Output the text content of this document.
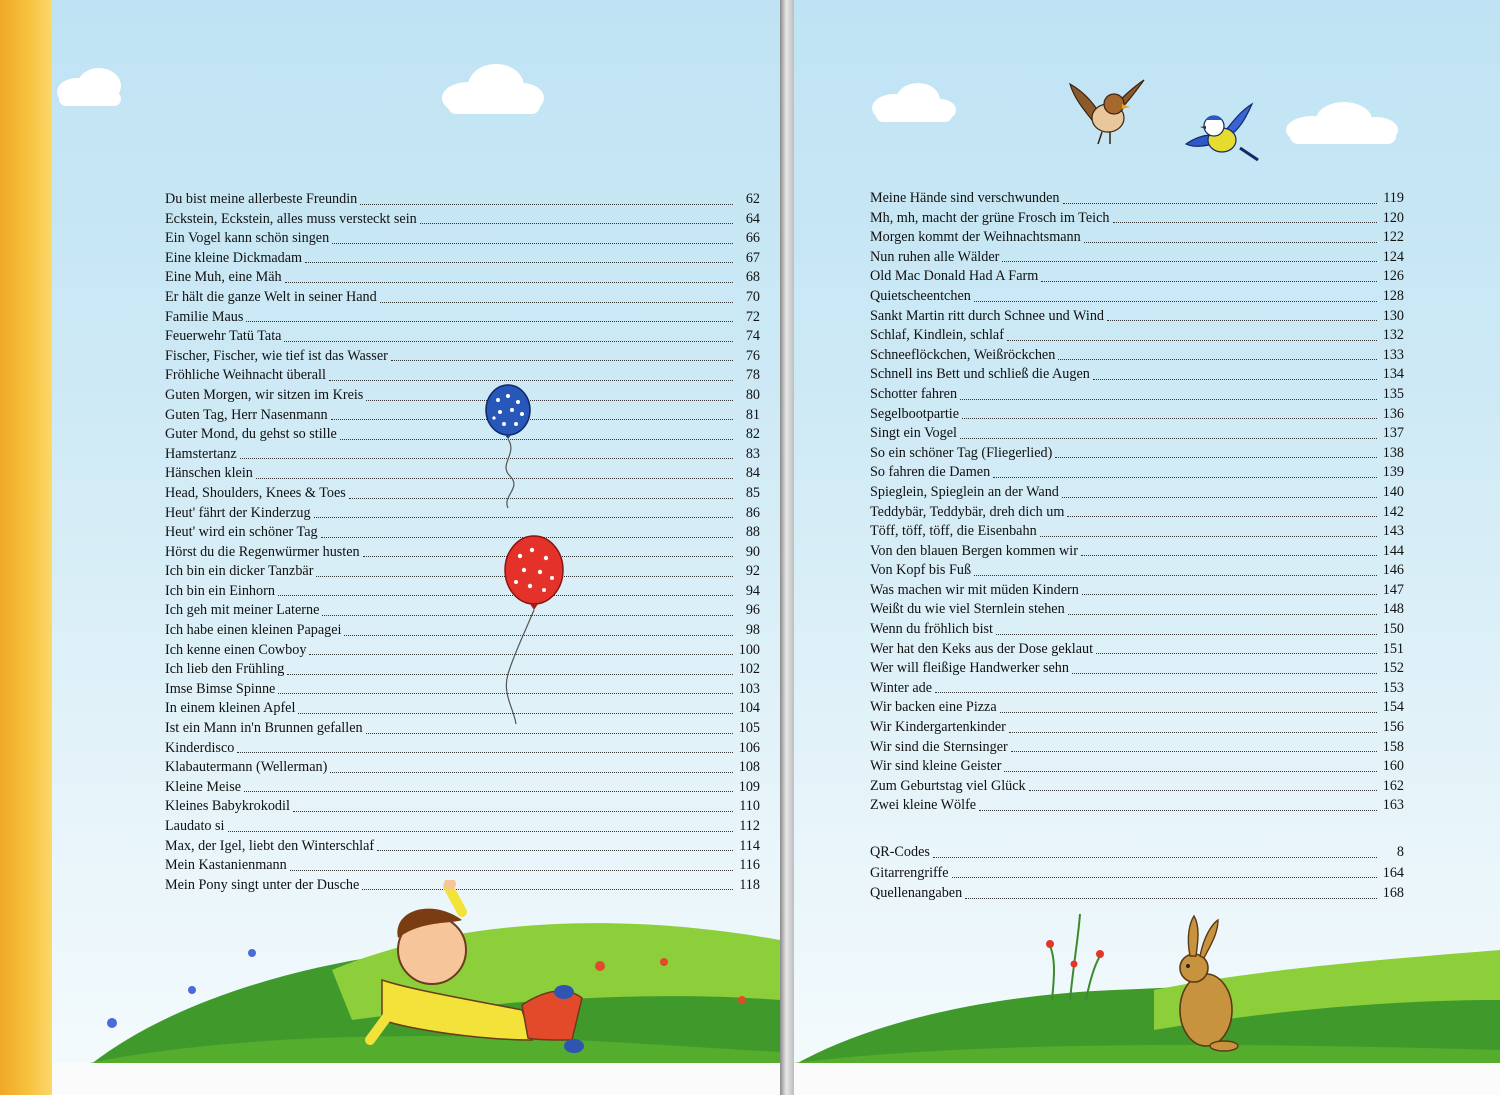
Du bist meine allerbeste Freundin	62
Eckstein, Eckstein, alles muss versteckt sein	64
Ein Vogel kann schön singen	66
Eine kleine Dickmadam	67
Eine Muh, eine Mäh	68
Er hält die ganze Welt in seiner Hand	70
Familie Maus	72
Feuerwehr Tatü Tata	74
Fischer, Fischer, wie tief ist das Wasser	76
Fröhliche Weihnacht überall	78
Guten Morgen, wir sitzen im Kreis	80
Guten Tag, Herr Nasenmann	81
Guter Mond, du gehst so stille	82
Hamstertanz	83
Hänschen klein	84
Head, Shoulders, Knees & Toes	85
Heut' fährt der Kinderzug	86
Heut' wird ein schöner Tag	88
Hörst du die Regenwürmer husten	90
Ich bin ein dicker Tanzbär	92
Ich bin ein Einhorn	94
Ich geh mit meiner Laterne	96
Ich habe einen kleinen Papagei	98
Ich kenne einen Cowboy	100
Ich lieb den Frühling	102
Imse Bimse Spinne	103
In einem kleinen Apfel	104
Ist ein Mann in'n Brunnen gefallen	105
Kinderdisco	106
Klabautermann (Wellerman)	108
Kleine Meise	109
Kleines Babykrokodil	110
Laudato si	112
Max, der Igel, liebt den Winterschlaf	114
Mein Kastanienmann	116
Mein Pony singt unter der Dusche	118
Meine Hände sind verschwunden	119
Mh, mh, macht der grüne Frosch im Teich	120
Morgen kommt der Weihnachtsmann	122
Nun ruhen alle Wälder	124
Old Mac Donald Had A Farm	126
Quietscheentchen	128
Sankt Martin ritt durch Schnee und Wind	130
Schlaf, Kindlein, schlaf	132
Schneeflöckchen, Weißröckchen	133
Schnell ins Bett und schließ die Augen	134
Schotter fahren	135
Segelbootpartie	136
Singt ein Vogel	137
So ein schöner Tag (Fliegerlied)	138
So fahren die Damen	139
Spieglein, Spieglein an der Wand	140
Teddybär, Teddybär, dreh dich um	142
Töff, töff, töff, die Eisenbahn	143
Von den blauen Bergen kommen wir	144
Von Kopf bis Fuß	146
Was machen wir mit müden Kindern	147
Weißt du wie viel Sternlein stehen	148
Wenn du fröhlich bist	150
Wer hat den Keks aus der Dose geklaut	151
Wer will fleißige Handwerker sehn	152
Winter ade	153
Wir backen eine Pizza	154
Wir Kindergartenkinder	156
Wir sind die Sternsinger	158
Wir sind kleine Geister	160
Zum Geburtstag viel Glück	162
Zwei kleine Wölfe	163
QR-Codes	8
Gitarrengriffe	164
Quellenangaben	168
